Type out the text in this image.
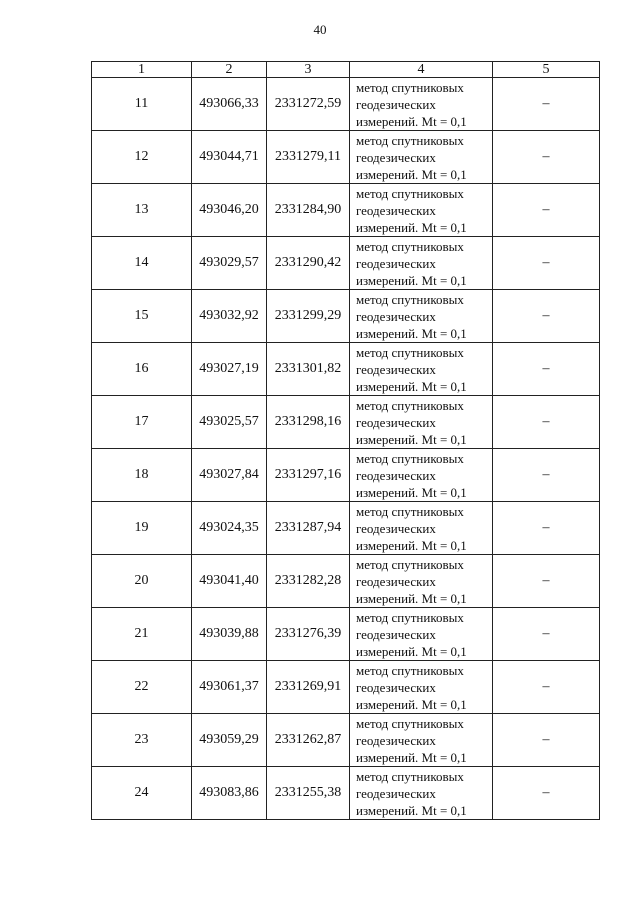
40
1	2	3	4	5
11	493066,33	2331272,59	метод спутниковых
геодезических
измерений. Mt = 0,1	–
12	493044,71	2331279,11	метод спутниковых
геодезических
измерений. Mt = 0,1	–
13	493046,20	2331284,90	метод спутниковых
геодезических
измерений. Mt = 0,1	–
14	493029,57	2331290,42	метод спутниковых
геодезических
измерений. Mt = 0,1	–
15	493032,92	2331299,29	метод спутниковых
геодезических
измерений. Mt = 0,1	–
16	493027,19	2331301,82	метод спутниковых
геодезических
измерений. Mt = 0,1	–
17	493025,57	2331298,16	метод спутниковых
геодезических
измерений. Mt = 0,1	–
18	493027,84	2331297,16	метод спутниковых
геодезических
измерений. Mt = 0,1	–
19	493024,35	2331287,94	метод спутниковых
геодезических
измерений. Mt = 0,1	–
20	493041,40	2331282,28	метод спутниковых
геодезических
измерений. Mt = 0,1	–
21	493039,88	2331276,39	метод спутниковых
геодезических
измерений. Mt = 0,1	–
22	493061,37	2331269,91	метод спутниковых
геодезических
измерений. Mt = 0,1	–
23	493059,29	2331262,87	метод спутниковых
геодезических
измерений. Mt = 0,1	–
24	493083,86	2331255,38	метод спутниковых
геодезических
измерений. Mt = 0,1	–
